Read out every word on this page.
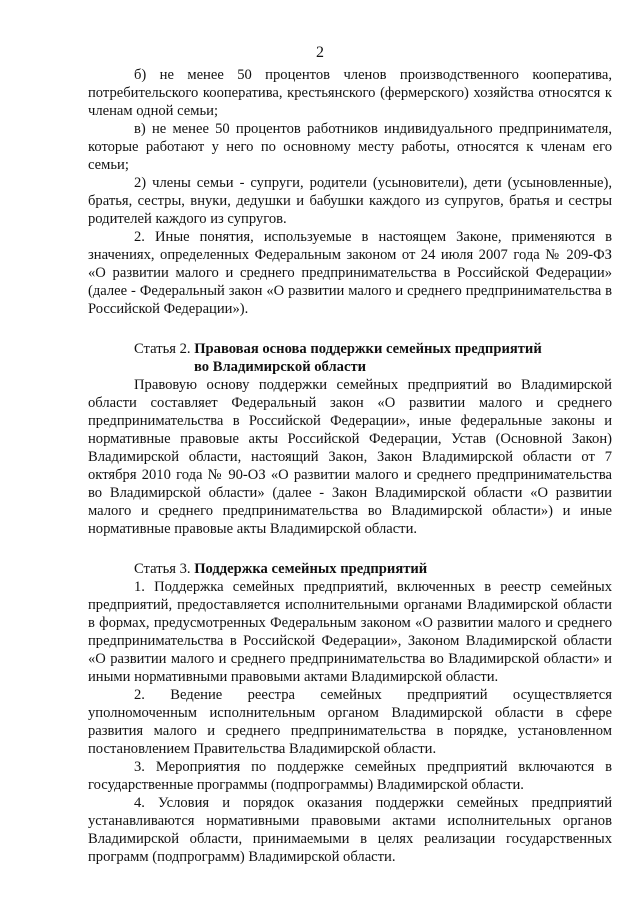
2

б) не менее 50 процентов членов производственного кооператива, потребительского кооператива, крестьянского (фермерского) хозяйства относятся к членам одной семьи;

в) не менее 50 процентов работников индивидуального предпринимателя, которые работают у него по основному месту работы, относятся к членам его семьи;

2) члены семьи - супруги, родители (усыновители), дети (усыновленные), братья, сестры, внуки, дедушки и бабушки каждого из супругов, братья и сестры родителей каждого из супругов.

2. Иные понятия, используемые в настоящем Законе, применяются в значениях, определенных Федеральным законом от 24 июля 2007 года № 209-ФЗ «О развитии малого и среднего предпринимательства в Российской Федерации» (далее - Федеральный закон «О развитии малого и среднего предпринимательства в Российской Федерации»).

Статья 2. Правовая основа поддержки семейных предприятий
во Владимирской области

Правовую основу поддержки семейных предприятий во Владимирской области составляет Федеральный закон «О развитии малого и среднего предпринимательства в Российской Федерации», иные федеральные законы и нормативные правовые акты Российской Федерации, Устав (Основной Закон) Владимирской области, настоящий Закон, Закон Владимирской области от 7 октября 2010 года № 90-ОЗ «О развитии малого и среднего предпринимательства во Владимирской области» (далее - Закон Владимирской области «О развитии малого и среднего предпринимательства во Владимирской области») и иные нормативные правовые акты Владимирской области.

Статья 3. Поддержка семейных предприятий

1. Поддержка семейных предприятий, включенных в реестр семейных предприятий, предоставляется исполнительными органами Владимирской области в формах, предусмотренных Федеральным законом «О развитии малого и среднего предпринимательства в Российской Федерации», Законом Владимирской области «О развитии малого и среднего предпринимательства во Владимирской области» и иными нормативными правовыми актами Владимирской области.

2. Ведение реестра семейных предприятий осуществляется уполномоченным исполнительным органом Владимирской области в сфере развития малого и среднего предпринимательства в порядке, установленном постановлением Правительства Владимирской области.

3. Мероприятия по поддержке семейных предприятий включаются в государственные программы (подпрограммы) Владимирской области.

4. Условия и порядок оказания поддержки семейных предприятий устанавливаются нормативными правовыми актами исполнительных органов Владимирской области, принимаемыми в целях реализации государственных программ (подпрограмм) Владимирской области.
